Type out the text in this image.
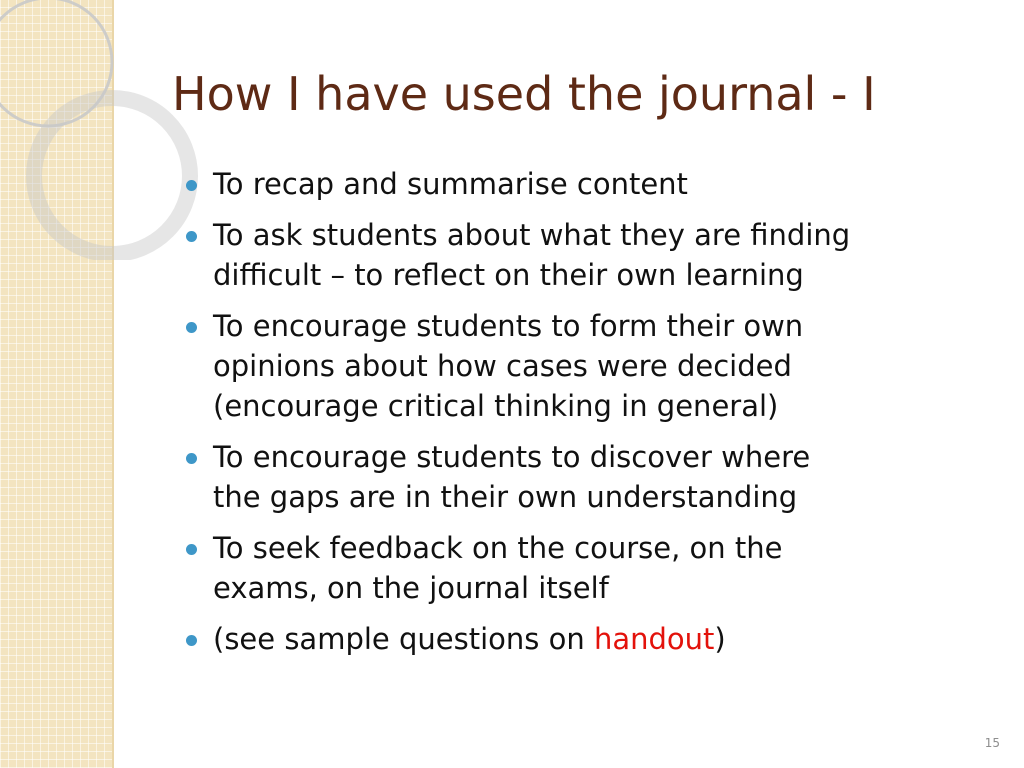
How I have used the journal - I
To recap and summarise content
To ask students about what they are finding
difficult – to reflect on their own learning
To encourage students to form their own
opinions about how cases were decided
(encourage critical thinking in general)
To encourage students to discover where
the gaps are in their own understanding
To seek feedback on the course, on the
exams, on the journal itself
(see sample questions on handout)
15
